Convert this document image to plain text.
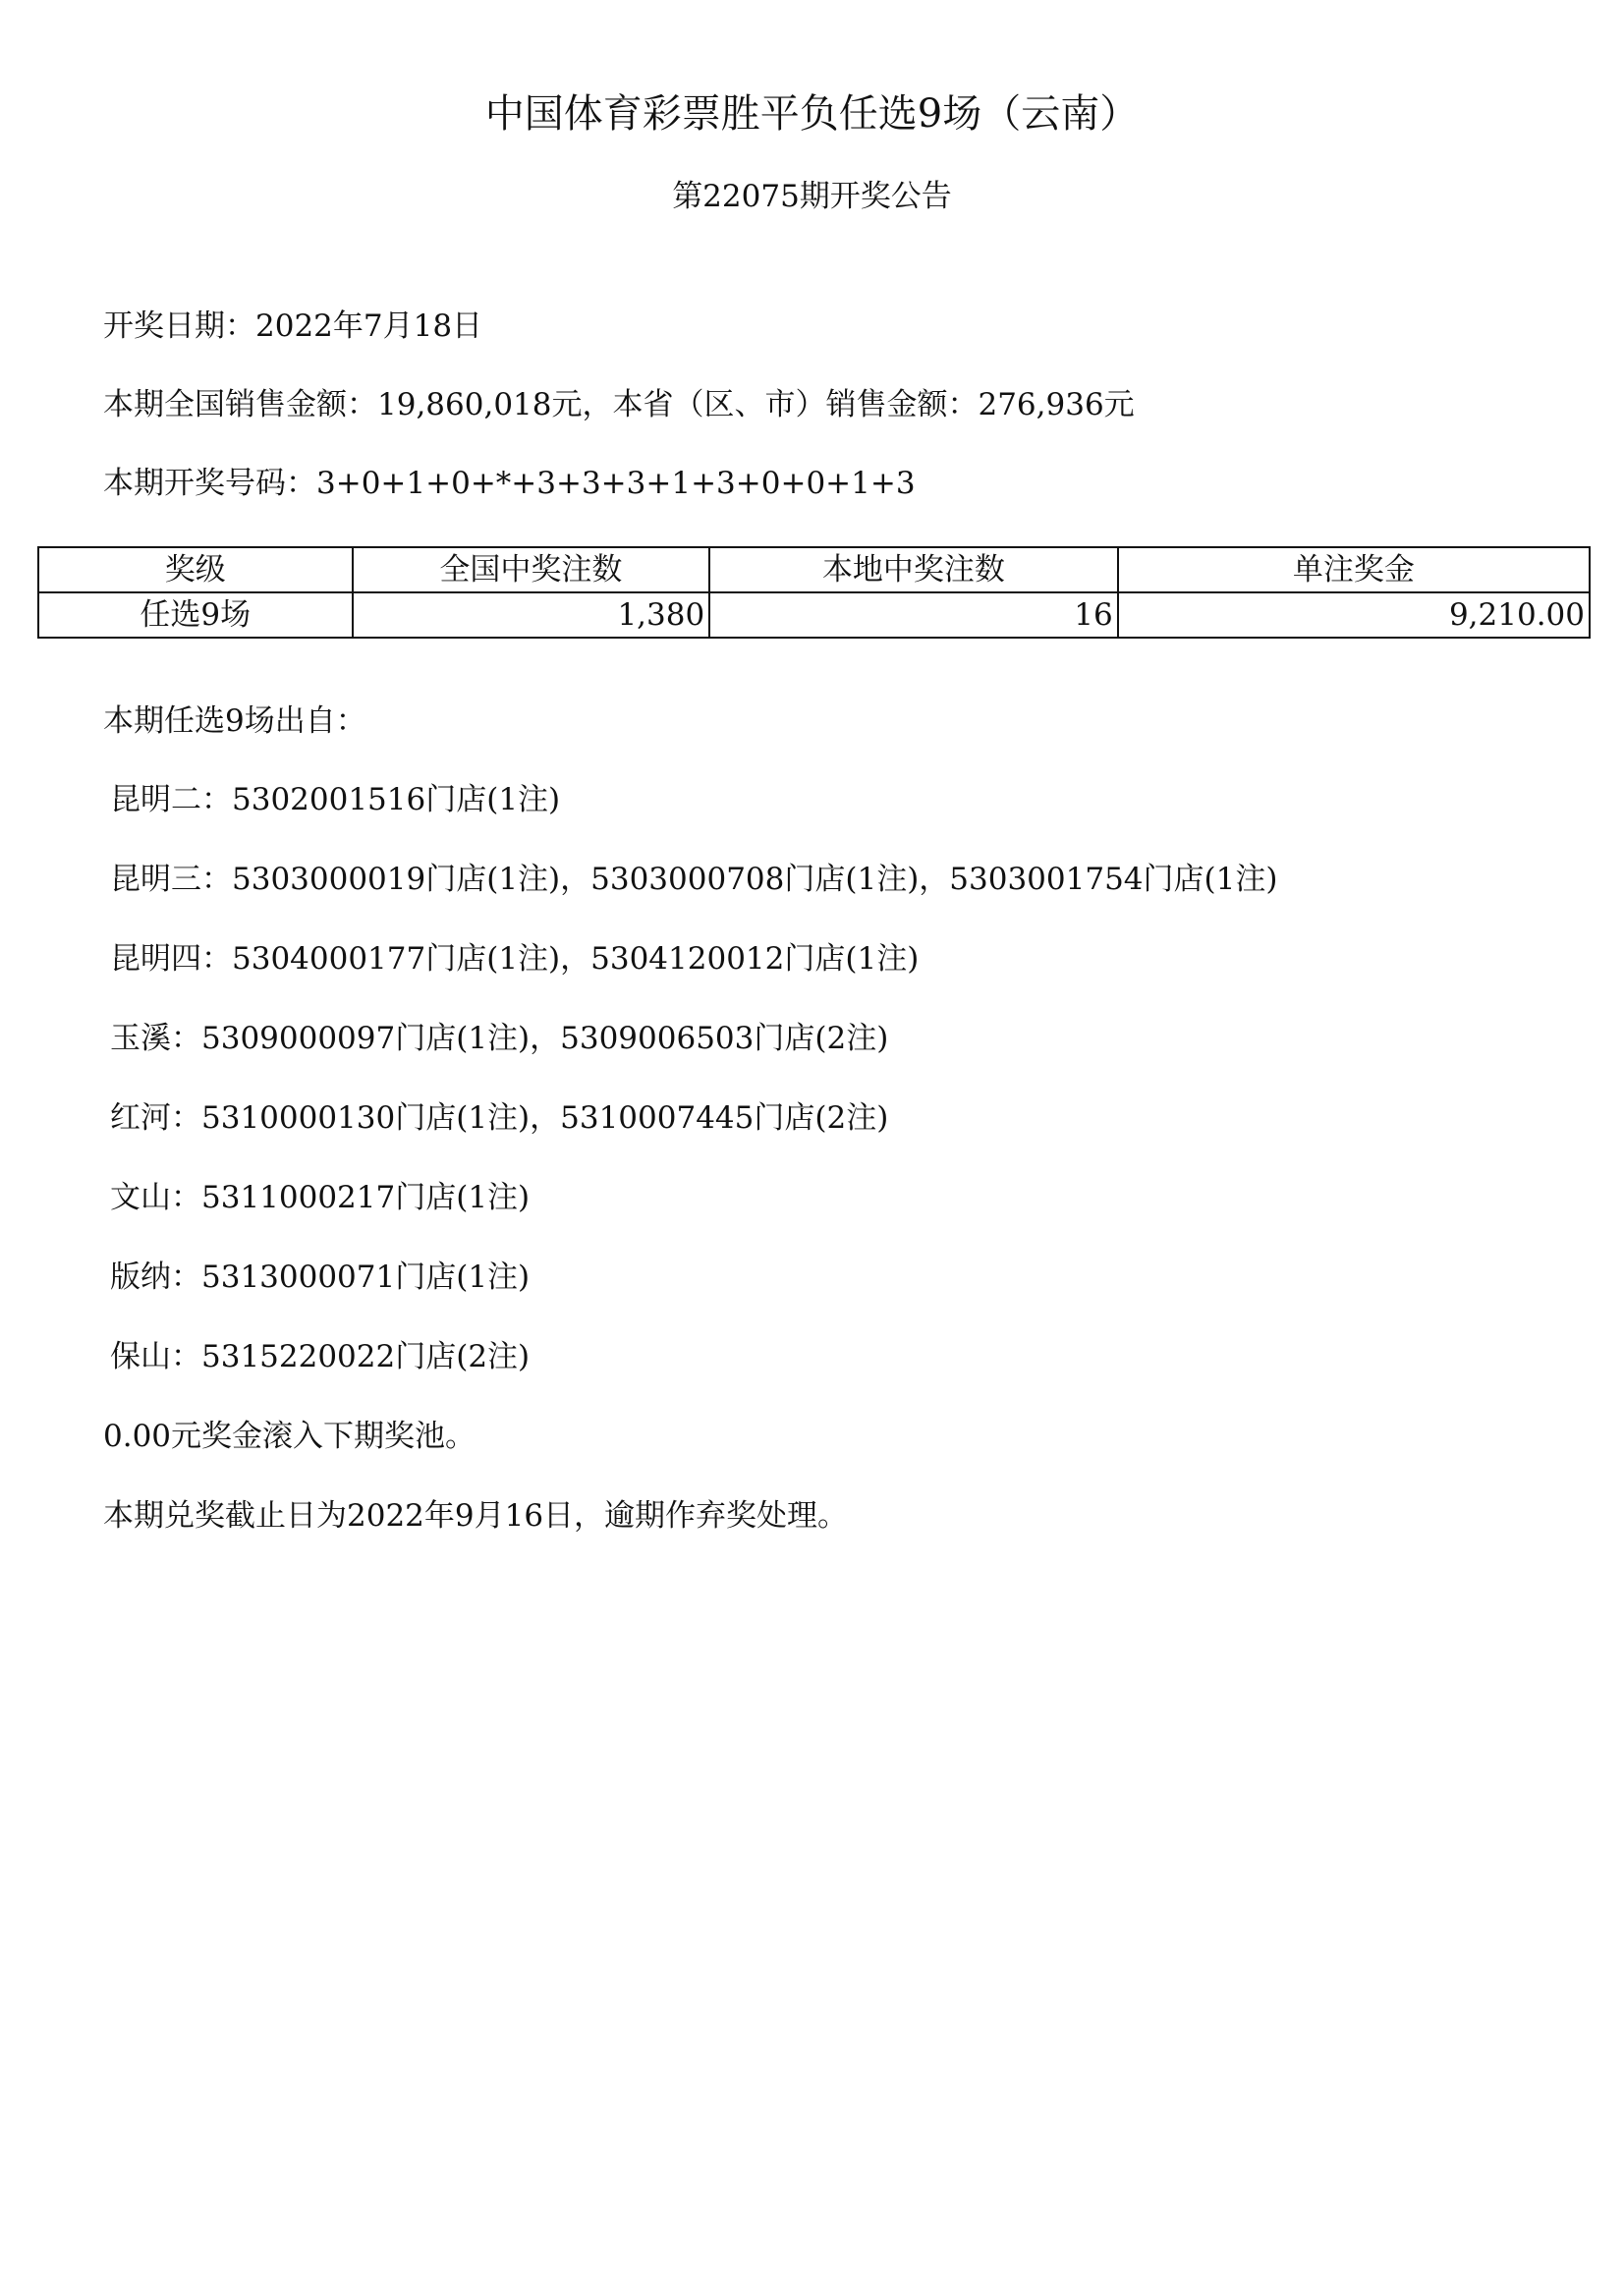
中国体育彩票胜平负任选9场（云南）
第22075期开奖公告
开奖日期：2022年7月18日
本期全国销售金额：19,860,018元，本省（区、市）销售金额：276,936元
本期开奖号码：3+0+1+0+*+3+3+3+1+3+0+0+1+3
奖级	全国中奖注数	本地中奖注数	单注奖金
任选9场	1,380	16	9,210.00
本期任选9场出自：
昆明二：5302001516门店(1注)
昆明三：5303000019门店(1注)，5303000708门店(1注)，5303001754门店(1注)
昆明四：5304000177门店(1注)，5304120012门店(1注)
玉溪：5309000097门店(1注)，5309006503门店(2注)
红河：5310000130门店(1注)，5310007445门店(2注)
文山：5311000217门店(1注)
版纳：5313000071门店(1注)
保山：5315220022门店(2注)
0.00元奖金滚入下期奖池。
本期兑奖截止日为2022年9月16日，逾期作弃奖处理。
